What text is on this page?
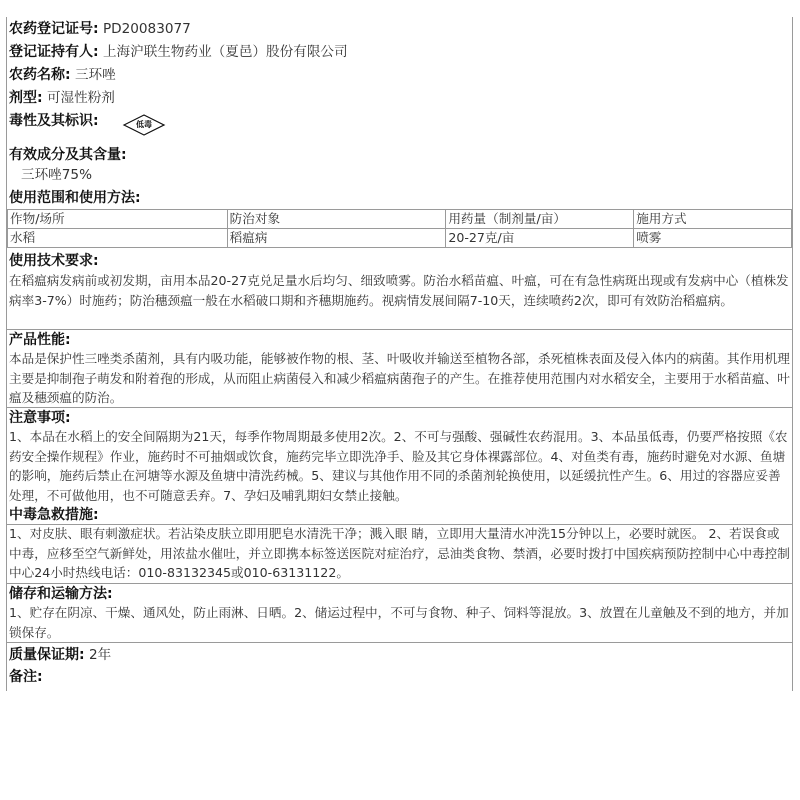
农药登记证号: PD20083077
登记证持有人: 上海沪联生物药业（夏邑）股份有限公司
农药名称: 三环唑
剂型: 可湿性粉剂
毒性及其标识:	低毒
有效成分及其含量:
三环唑75%
使用范围和使用方法:
作物/场所	防治对象	用药量（制剂量/亩）	施用方式
水稻	稻瘟病	20-27克/亩	喷雾
使用技术要求:

在稻瘟病发病前或初发期，亩用本品20-27克兑足量水后均匀、细致喷雾。防治水稻苗瘟、叶瘟，可在有急性病斑出现或有发病中心（植株发病率3-7%）时施药；防治穗颈瘟一般在水稻破口期和齐穗期施药。视病情发展间隔7-10天，连续喷药2次，即可有效防治稻瘟病。

产品性能:

本品是保护性三唑类杀菌剂，具有内吸功能，能够被作物的根、茎、叶吸收并输送至植物各部，杀死植株表面及侵入体内的病菌。其作用机理主要是抑制孢子萌发和附着孢的形成，从而阻止病菌侵入和减少稻瘟病菌孢子的产生。在推荐使用范围内对水稻安全，主要用于水稻苗瘟、叶瘟及穗颈瘟的防治。

注意事项:

1、本品在水稻上的安全间隔期为21天，每季作物周期最多使用2次。2、不可与强酸、强碱性农药混用。3、本品虽低毒，仍要严格按照《农药安全操作规程》作业，施药时不可抽烟或饮食，施药完毕立即洗净手、脸及其它身体裸露部位。4、对鱼类有毒，施药时避免对水源、鱼塘的影响，施药后禁止在河塘等水源及鱼塘中清洗药械。5、建议与其他作用不同的杀菌剂轮换使用，以延缓抗性产生。6、用过的容器应妥善处理，不可做他用，也不可随意丢弃。7、孕妇及哺乳期妇女禁止接触。

中毒急救措施:

1、对皮肤、眼有刺激症状。若沾染皮肤立即用肥皂水清洗干净；溅入眼 睛，立即用大量清水冲洗15分钟以上，必要时就医。 2、若误食或中毒，应移至空气新鲜处，用浓盐水催吐，并立即携本标签送医院对症治疗，忌油类食物、禁酒，必要时拨打中国疾病预防控制中心中毒控制中心24小时热线电话：010-83132345或010-63131122。

储存和运输方法:

1、贮存在阴凉、干燥、通风处，防止雨淋、日晒。2、储运过程中，不可与食物、种子、饲料等混放。3、放置在儿童触及不到的地方，并加锁保存。

质量保证期: 2年
备注:
